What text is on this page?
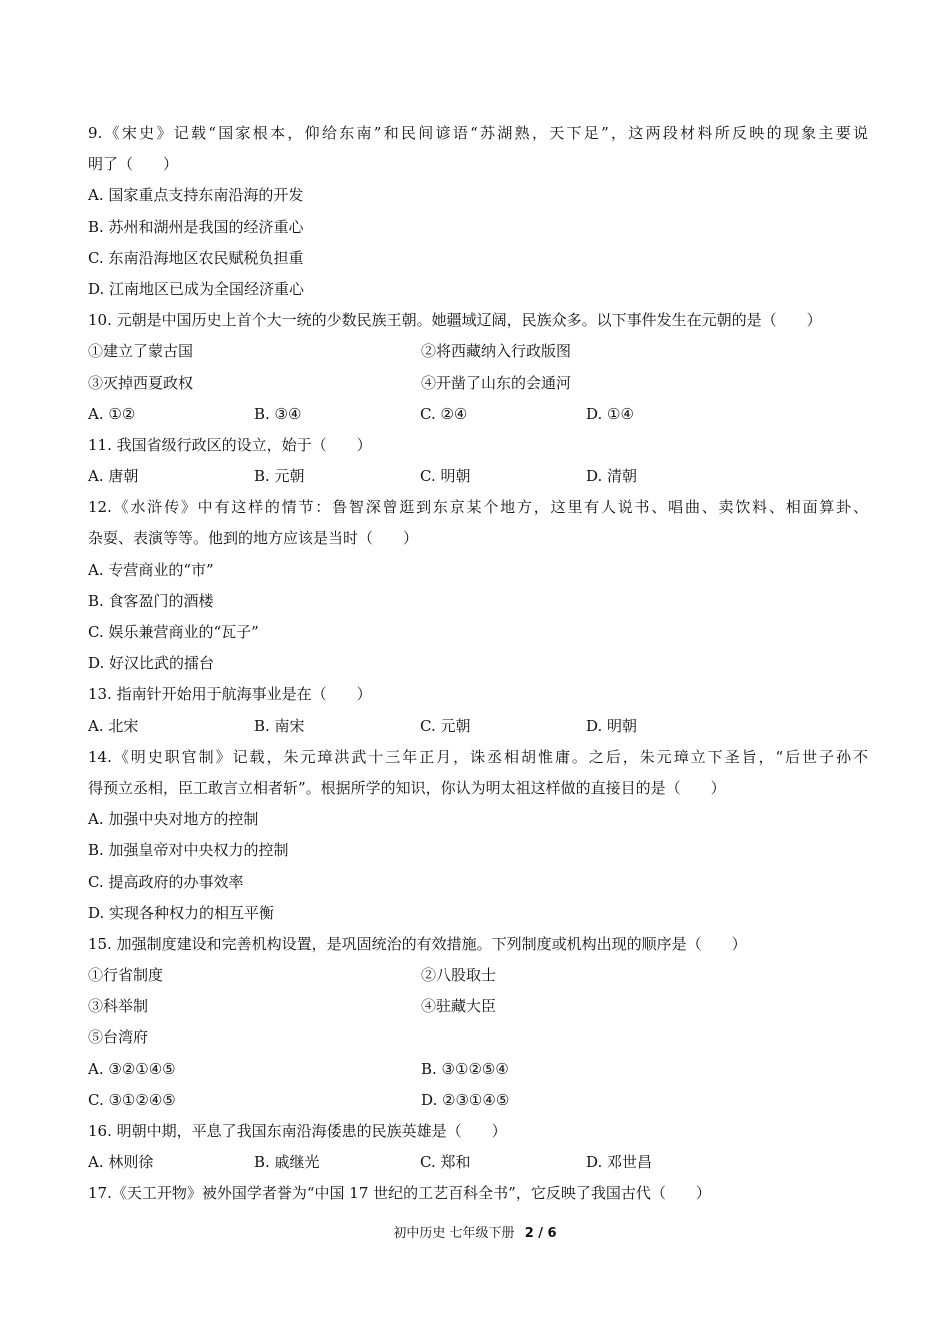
9.《宋史》记载“国家根本，仰给东南”和民间谚语“苏湖熟，天下足”，这两段材料所反映的现象主要说
明了（　　）
A. 国家重点支持东南沿海的开发
B. 苏州和湖州是我国的经济重心
C. 东南沿海地区农民赋税负担重
D. 江南地区已成为全国经济重心
10. 元朝是中国历史上首个大一统的少数民族王朝。她疆域辽阔，民族众多。以下事件发生在元朝的是（　　）
①建立了蒙古国	②将西藏纳入行政版图
③灭掉西夏政权	④开凿了山东的会通河
A. ①②	B. ③④	C. ②④	D. ①④
11. 我国省级行政区的设立，始于（　　）
A. 唐朝	B. 元朝	C. 明朝	D. 清朝
12.《水浒传》中有这样的情节：鲁智深曾逛到东京某个地方，这里有人说书、唱曲、卖饮料、相面算卦、
杂耍、表演等等。他到的地方应该是当时（　　）
A. 专营商业的“市”
B. 食客盈门的酒楼
C. 娱乐兼营商业的“瓦子”
D. 好汉比武的擂台
13. 指南针开始用于航海事业是在（　　）
A. 北宋	B. 南宋	C. 元朝	D. 明朝
14.《明史职官制》记载，朱元璋洪武十三年正月，诛丞相胡惟庸。之后，朱元璋立下圣旨，“后世子孙不
得预立丞相，臣工敢言立相者斩”。根据所学的知识，你认为明太祖这样做的直接目的是（　　）
A. 加强中央对地方的控制
B. 加强皇帝对中央权力的控制
C. 提高政府的办事效率
D. 实现各种权力的相互平衡
15. 加强制度建设和完善机构设置，是巩固统治的有效措施。下列制度或机构出现的顺序是（　　）
①行省制度	②八股取士
③科举制	④驻藏大臣
⑤台湾府
A. ③②①④⑤	B. ③①②⑤④
C. ③①②④⑤	D. ②③①④⑤
16. 明朝中期，平息了我国东南沿海倭患的民族英雄是（　　）
A. 林则徐	B. 戚继光	C. 郑和	D. 邓世昌
17.《天工开物》被外国学者誉为“中国 17 世纪的工艺百科全书”，它反映了我国古代（　　）
初中历史 七年级下册 2 / 6
